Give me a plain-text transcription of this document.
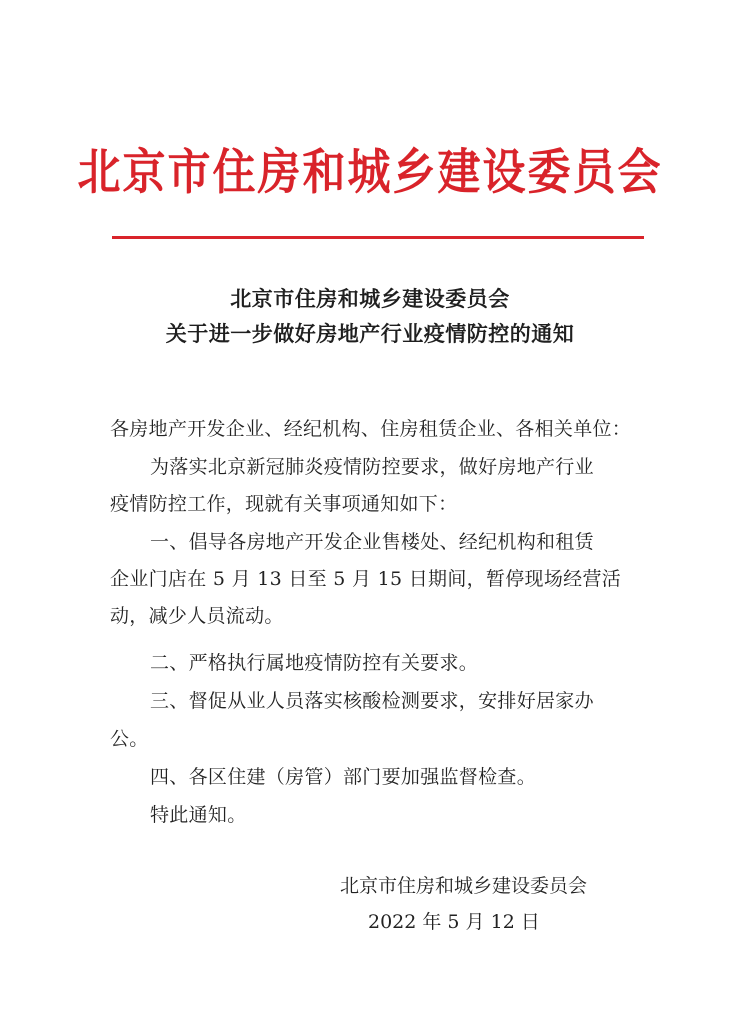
北京市住房和城乡建设委员会
北京市住房和城乡建设委员会
关于进一步做好房地产行业疫情防控的通知
各房地产开发企业、经纪机构、住房租赁企业、各相关单位：
为落实北京新冠肺炎疫情防控要求，做好房地产行业
疫情防控工作，现就有关事项通知如下：
一、倡导各房地产开发企业售楼处、经纪机构和租赁
企业门店在 5 月 13 日至 5 月 15 日期间，暂停现场经营活
动，减少人员流动。
二、严格执行属地疫情防控有关要求。
三、督促从业人员落实核酸检测要求，安排好居家办
公。
四、各区住建（房管）部门要加强监督检查。
特此通知。
北京市住房和城乡建设委员会
2022 年 5 月 12 日
